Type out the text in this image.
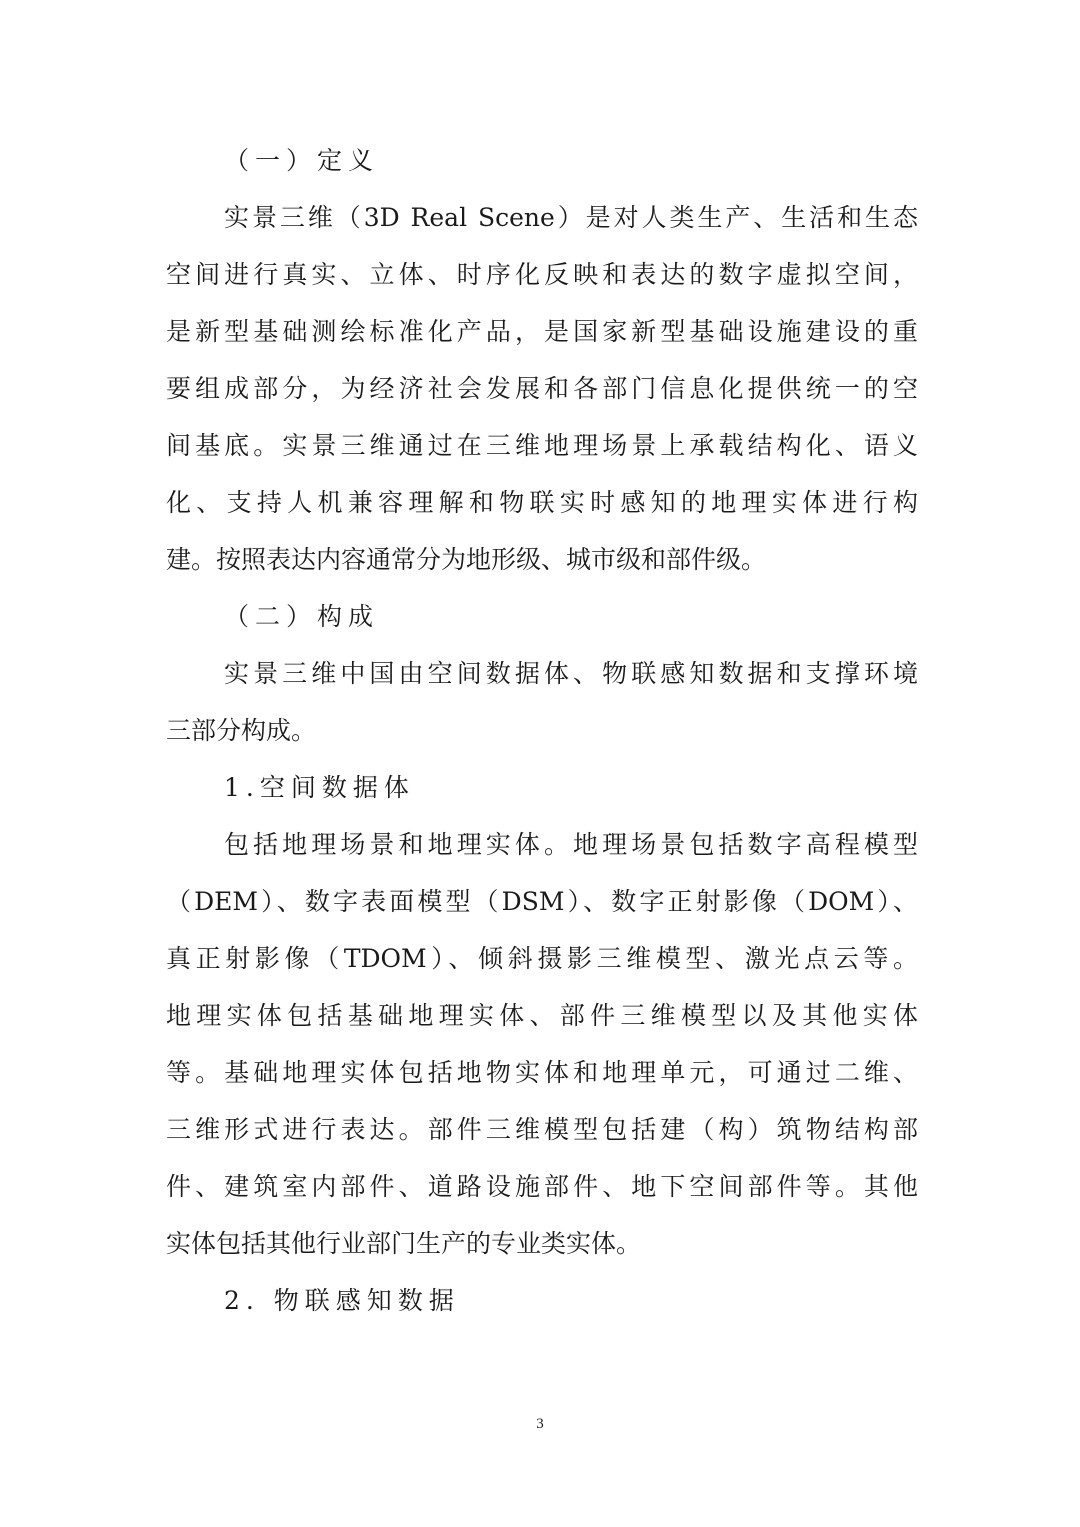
（一）定义
实景三维（3D Real Scene）是对人类生产、生活和生态
空间进行真实、立体、时序化反映和表达的数字虚拟空间，
是新型基础测绘标准化产品，是国家新型基础设施建设的重
要组成部分，为经济社会发展和各部门信息化提供统一的空
间基底。实景三维通过在三维地理场景上承载结构化、语义
化、支持人机兼容理解和物联实时感知的地理实体进行构
建。按照表达内容通常分为地形级、城市级和部件级。
（二）构成
实景三维中国由空间数据体、物联感知数据和支撑环境
三部分构成。
1.空间数据体
包括地理场景和地理实体。地理场景包括数字高程模型
（DEM）、数字表面模型（DSM）、数字正射影像（DOM）、
真正射影像（TDOM）、倾斜摄影三维模型、激光点云等。
地理实体包括基础地理实体、部件三维模型以及其他实体
等。基础地理实体包括地物实体和地理单元，可通过二维、
三维形式进行表达。部件三维模型包括建（构）筑物结构部
件、建筑室内部件、道路设施部件、地下空间部件等。其他
实体包括其他行业部门生产的专业类实体。
2. 物联感知数据
3
